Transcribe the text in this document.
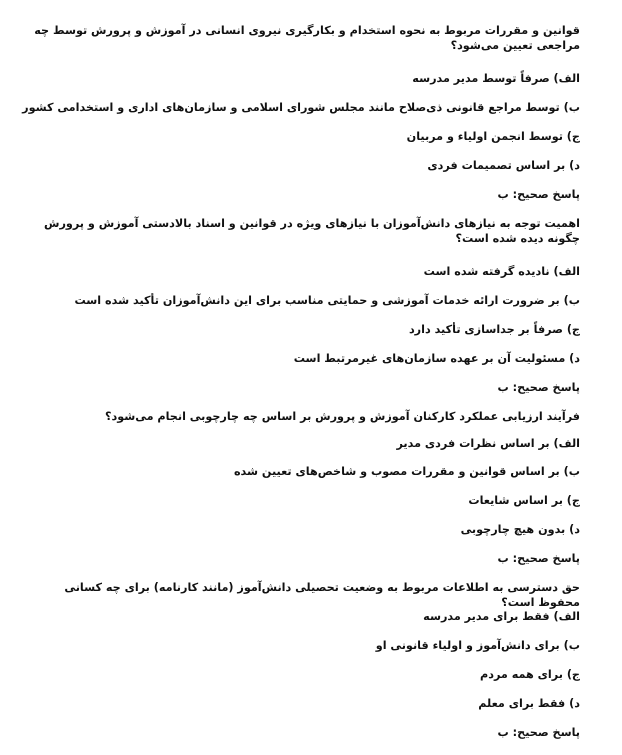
قوانین و مقررات مربوط به نحوه استخدام و بکارگیری نیروی انسانی در آموزش و پرورش توسط چه مراجعی تعیین می‌شود؟
الف) صرفاً توسط مدیر مدرسه
ب) توسط مراجع قانونی ذی‌صلاح مانند مجلس شورای اسلامی و سازمان‌های اداری و استخدامی کشور
ج) توسط انجمن اولیاء و مربیان
د) بر اساس تصمیمات فردی
پاسخ صحیح: ب
اهمیت توجه به نیازهای دانش‌آموزان با نیازهای ویژه در قوانین و اسناد بالادستی آموزش و پرورش چگونه دیده شده است؟
الف) نادیده گرفته شده است
ب) بر ضرورت ارائه خدمات آموزشی و حمایتی مناسب برای این دانش‌آموزان تأکید شده است
ج) صرفاً بر جداسازی تأکید دارد
د) مسئولیت آن بر عهده سازمان‌های غیرمرتبط است
پاسخ صحیح: ب
فرآیند ارزیابی عملکرد کارکنان آموزش و پرورش بر اساس چه چارچوبی انجام می‌شود؟
الف) بر اساس نظرات فردی مدیر
ب) بر اساس قوانین و مقررات مصوب و شاخص‌های تعیین شده
ج) بر اساس شایعات
د) بدون هیچ چارچوبی
پاسخ صحیح: ب
حق دسترسی به اطلاعات مربوط به وضعیت تحصیلی دانش‌آموز (مانند کارنامه) برای چه کسانی محفوظ است؟
الف) فقط برای مدیر مدرسه
ب) برای دانش‌آموز و اولیاء قانونی او
ج) برای همه مردم
د) فقط برای معلم
پاسخ صحیح: ب
